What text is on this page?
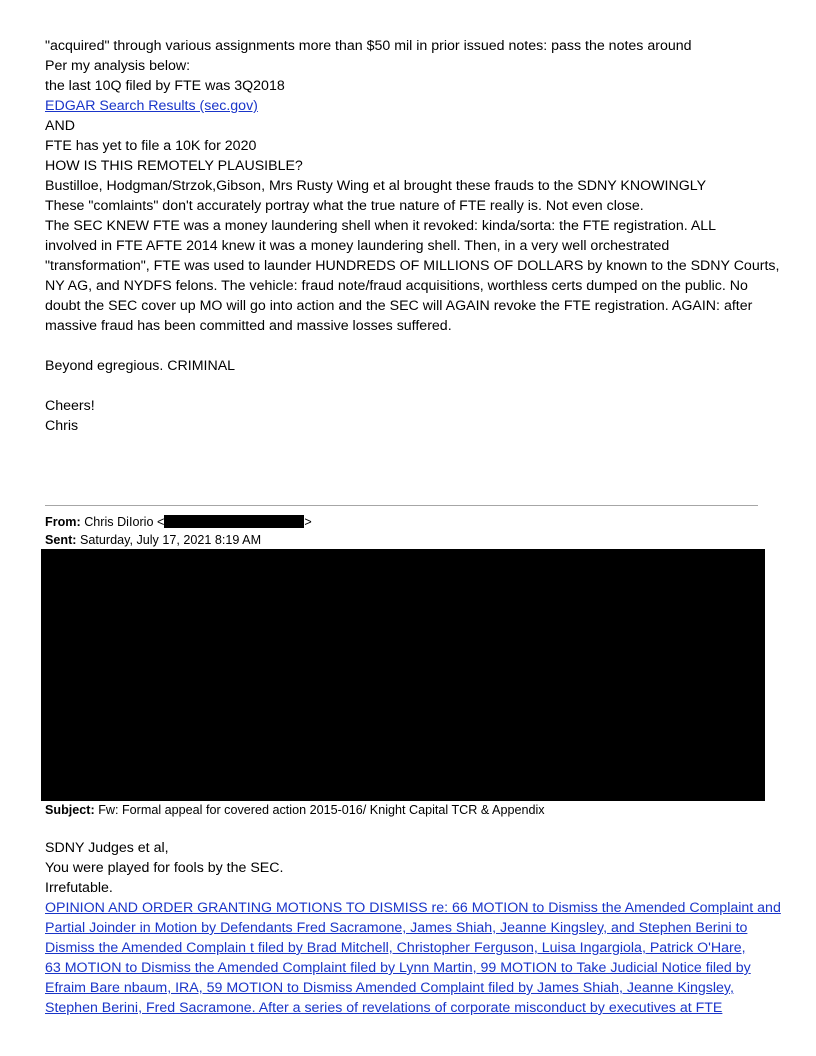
"acquired" through various assignments more than $50 mil in prior issued notes: pass the notes around
Per my analysis below:
the last 10Q filed by FTE was 3Q2018
EDGAR Search Results (sec.gov)
AND
FTE has yet to file a 10K for 2020
HOW IS THIS REMOTELY PLAUSIBLE?
Bustilloe, Hodgman/Strzok,Gibson, Mrs Rusty Wing et al brought these frauds to the SDNY KNOWINGLY
These "comlaints" don't accurately portray what the true nature of FTE really is. Not even close.
The SEC KNEW FTE was a money laundering shell when it revoked: kinda/sorta: the FTE registration. ALL
involved in FTE AFTE 2014 knew it was a money laundering shell. Then, in a very well orchestrated
"transformation", FTE was used to launder HUNDREDS OF MILLIONS OF DOLLARS by known to the SDNY Courts,
NY AG, and NYDFS felons. The vehicle: fraud note/fraud acquisitions, worthless certs dumped on the public. No
doubt the SEC cover up MO will go into action and the SEC will AGAIN revoke the FTE registration. AGAIN: after
massive fraud has been committed and massive losses suffered.
Beyond egregious. CRIMINAL
Cheers!
Chris
From: Chris DiIorio <	>
Sent: Saturday, July 17, 2021 8:19 AM
Subject: Fw: Formal appeal for covered action 2015-016/ Knight Capital TCR & Appendix
SDNY Judges et al,
You were played for fools by the SEC.
Irrefutable.
OPINION AND ORDER GRANTING MOTIONS TO DISMISS re: 66 MOTION to Dismiss the Amended Complaint and
Partial Joinder in Motion by Defendants Fred Sacramone, James Shiah, Jeanne Kingsley, and Stephen Berini to
Dismiss the Amended Complain t filed by Brad Mitchell, Christopher Ferguson, Luisa Ingargiola, Patrick O'Hare,
63 MOTION to Dismiss the Amended Complaint filed by Lynn Martin, 99 MOTION to Take Judicial Notice filed by
Efraim Bare nbaum, IRA, 59 MOTION to Dismiss Amended Complaint filed by James Shiah, Jeanne Kingsley,
Stephen Berini, Fred Sacramone. After a series of revelations of corporate misconduct by executives at FTE
